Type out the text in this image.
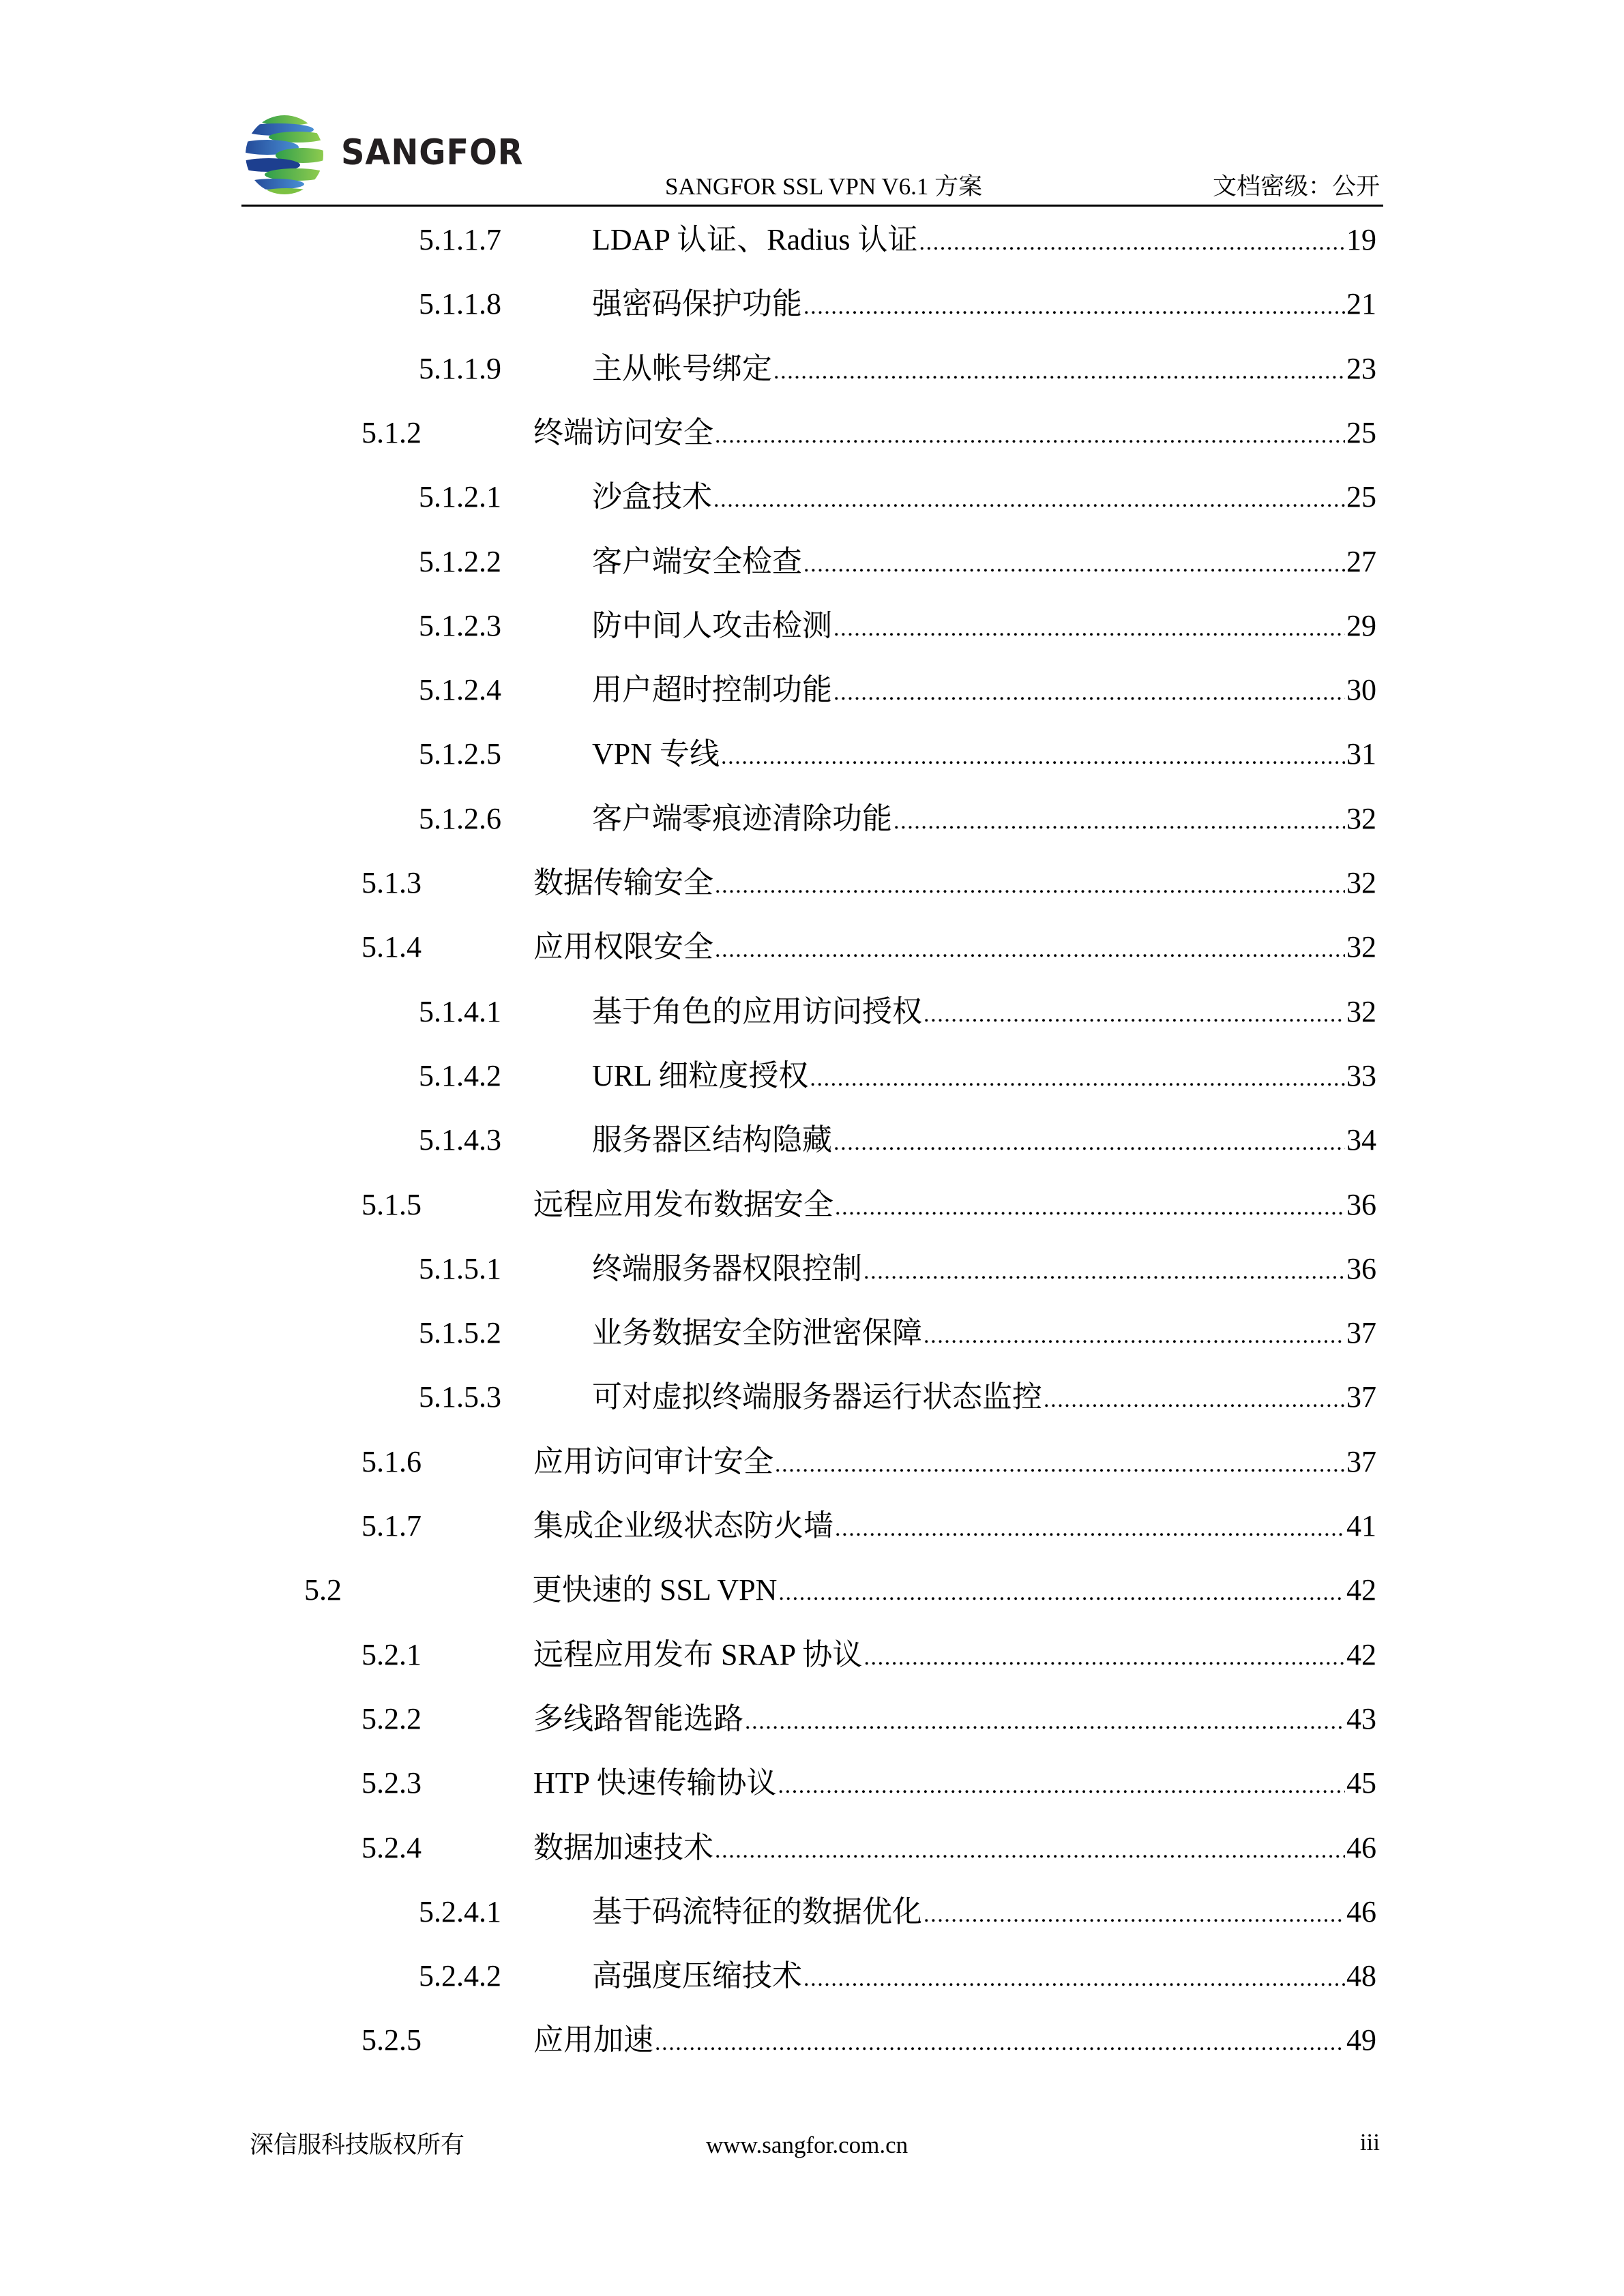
SANGFOR
SANGFOR SSL VPN V6.1 方案	文档密级：公开
5.1.1.7	LDAP 认证、Radius 认证 .....	19
5.1.1.8	强密码保护功能 .....	21
5.1.1.9	主从帐号绑定 .....	23
5.1.2	终端访问安全 .....	25
5.1.2.1	沙盒技术 .....	25
5.1.2.2	客户端安全检查 .....	27
5.1.2.3	防中间人攻击检测 .....	29
5.1.2.4	用户超时控制功能 .....	30
5.1.2.5	VPN 专线 .....	31
5.1.2.6	客户端零痕迹清除功能 .....	32
5.1.3	数据传输安全 .....	32
5.1.4	应用权限安全 .....	32
5.1.4.1	基于角色的应用访问授权 .....	32
5.1.4.2	URL 细粒度授权 .....	33
5.1.4.3	服务器区结构隐藏 .....	34
5.1.5	远程应用发布数据安全 .....	36
5.1.5.1	终端服务器权限控制 .....	36
5.1.5.2	业务数据安全防泄密保障 .....	37
5.1.5.3	可对虚拟终端服务器运行状态监控 .....	37
5.1.6	应用访问审计安全 .....	37
5.1.7	集成企业级状态防火墙 .....	41
5.2	更快速的 SSL VPN .....	42
5.2.1	远程应用发布 SRAP 协议 .....	42
5.2.2	多线路智能选路 .....	43
5.2.3	HTP 快速传输协议 .....	45
5.2.4	数据加速技术 .....	46
5.2.4.1	基于码流特征的数据优化 .....	46
5.2.4.2	高强度压缩技术 .....	48
5.2.5	应用加速 .....	49
深信服科技版权所有	www.sangfor.com.cn	iii
